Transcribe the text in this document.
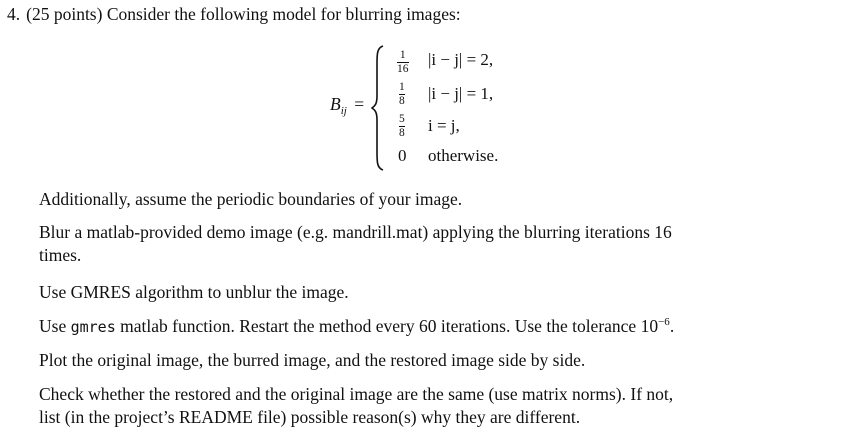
4. (25 points) Consider the following model for blurring images:
$B_{ij}$ =
$\frac{1}{16} |i - j| = 2$,
$\frac{1}{8} |i - j| = 1$,
$\frac{5}{8}$ i = j,
0 otherwise.
Additionally, assume the periodic boundaries of your image.
Blur a matlab-provided demo image (e.g. mandrill.mat) applying the blurring iterations 16
times.
Use GMRES algorithm to unblur the image.
Use gmres matlab function. Restart the method every 60 iterations. Use the tolerance $10^{-6}$.
Plot the original image, the burred image, and the restored image side by side.
Check whether the restored and the original image are the same (use matrix norms). If not,
list (in the project’s README file) possible reason(s) why they are different.
